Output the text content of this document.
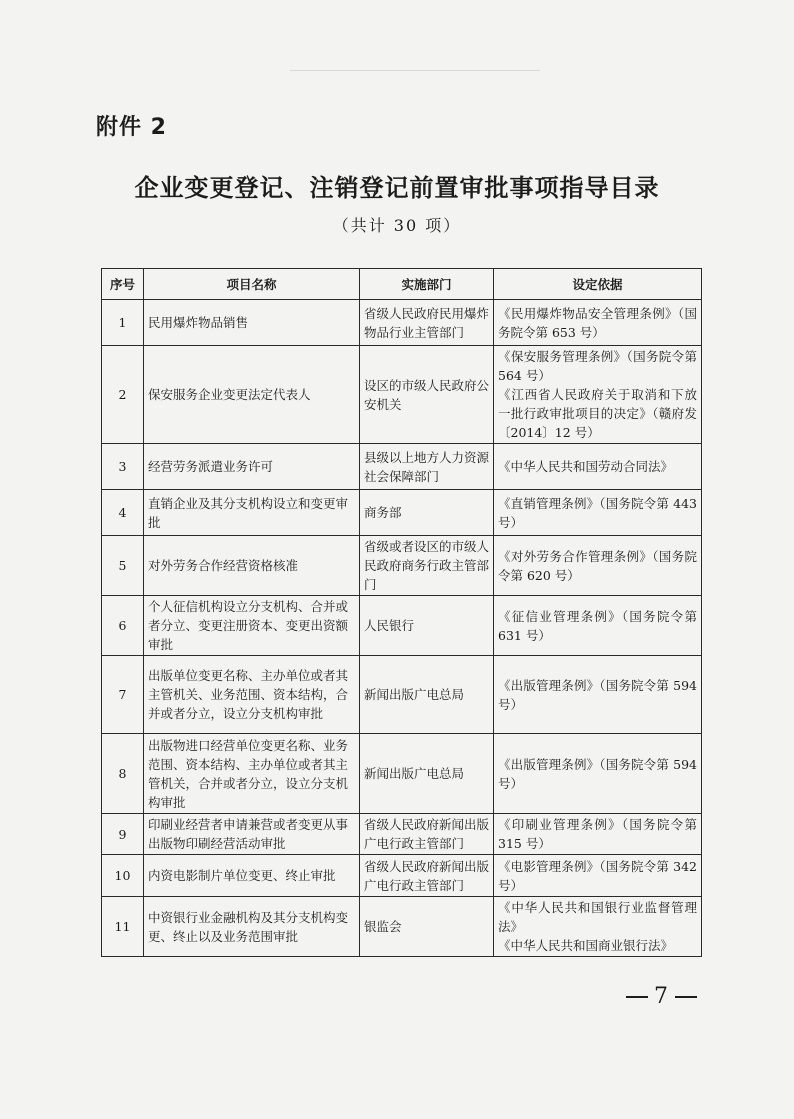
附件 2
企业变更登记、注销登记前置审批事项指导目录
（共计 30 项）
序号	项目名称	实施部门	设定依据
1	民用爆炸物品销售	省级人民政府民用爆炸物品行业主管部门	《民用爆炸物品安全管理条例》（国务院令第 653 号）
2	保安服务企业变更法定代表人	设区的市级人民政府公安机关	《保安服务管理条例》（国务院令第 564 号）
《江西省人民政府关于取消和下放一批行政审批项目的决定》（赣府发〔2014〕12 号）
3	经营劳务派遣业务许可	县级以上地方人力资源社会保障部门	《中华人民共和国劳动合同法》
4	直销企业及其分支机构设立和变更审批	商务部	《直销管理条例》（国务院令第 443 号）
5	对外劳务合作经营资格核准	省级或者设区的市级人民政府商务行政主管部门	《对外劳务合作管理条例》（国务院令第 620 号）
6	个人征信机构设立分支机构、合并或者分立、变更注册资本、变更出资额审批	人民银行	《征信业管理条例》（国务院令第 631 号）
7	出版单位变更名称、主办单位或者其主管机关、业务范围、资本结构，合并或者分立，设立分支机构审批	新闻出版广电总局	《出版管理条例》（国务院令第 594 号）
8	出版物进口经营单位变更名称、业务范围、资本结构、主办单位或者其主管机关，合并或者分立，设立分支机构审批	新闻出版广电总局	《出版管理条例》（国务院令第 594 号）
9	印刷业经营者申请兼营或者变更从事出版物印刷经营活动审批	省级人民政府新闻出版广电行政主管部门	《印刷业管理条例》（国务院令第 315 号）
10	内资电影制片单位变更、终止审批	省级人民政府新闻出版广电行政主管部门	《电影管理条例》（国务院令第 342 号）
11	中资银行业金融机构及其分支机构变更、终止以及业务范围审批	银监会	《中华人民共和国银行业监督管理法》
《中华人民共和国商业银行法》
7
